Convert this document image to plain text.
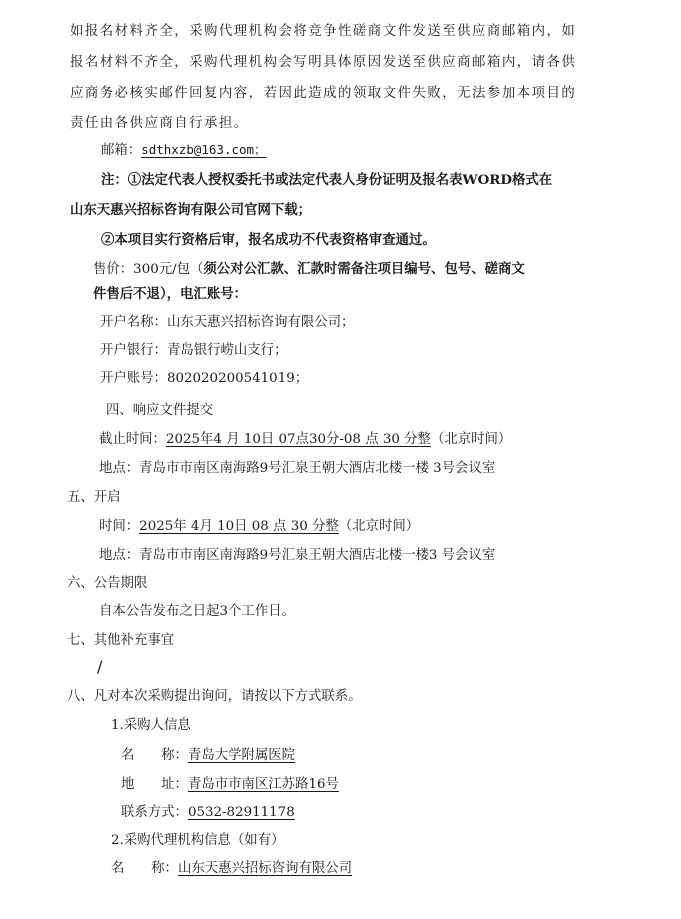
如报名材料齐全，采购代理机构会将竞争性磋商文件发送至供应商邮箱内，如
报名材料不齐全，采购代理机构会写明具体原因发送至供应商邮箱内，请各供
应商务必核实邮件回复内容，若因此造成的领取文件失败，无法参加本项目的
责任由各供应商自行承担。
邮箱：sdthxzb@163.com；
注：①法定代表人授权委托书或法定代表人身份证明及报名表WORD格式在
山东天惠兴招标咨询有限公司官网下载；
②本项目实行资格后审，报名成功不代表资格审查通过。
售价：300元/包（须公对公汇款、汇款时需备注项目编号、包号、磋商文
件售后不退），电汇账号：
开户名称：山东天惠兴招标咨询有限公司；
开户银行：青岛银行崂山支行；
开户账号：802020200541019；
四、响应文件提交
截止时间：2025年4 月 10日 07点30分-08 点 30 分整（北京时间）
地点：青岛市市南区南海路9号汇泉王朝大酒店北楼一楼 3号会议室
五、开启
时间：2025年 4月 10日 08 点 30 分整（北京时间）
地点：青岛市市南区南海路9号汇泉王朝大酒店北楼一楼3 号会议室
六、公告期限
自本公告发布之日起3个工作日。
七、其他补充事宜
/
八、凡对本次采购提出询问，请按以下方式联系。
1.采购人信息
名　　称：青岛大学附属医院
地　　址：青岛市市南区江苏路16号
联系方式：0532-82911178
2.采购代理机构信息（如有）
名　　称：山东天惠兴招标咨询有限公司
